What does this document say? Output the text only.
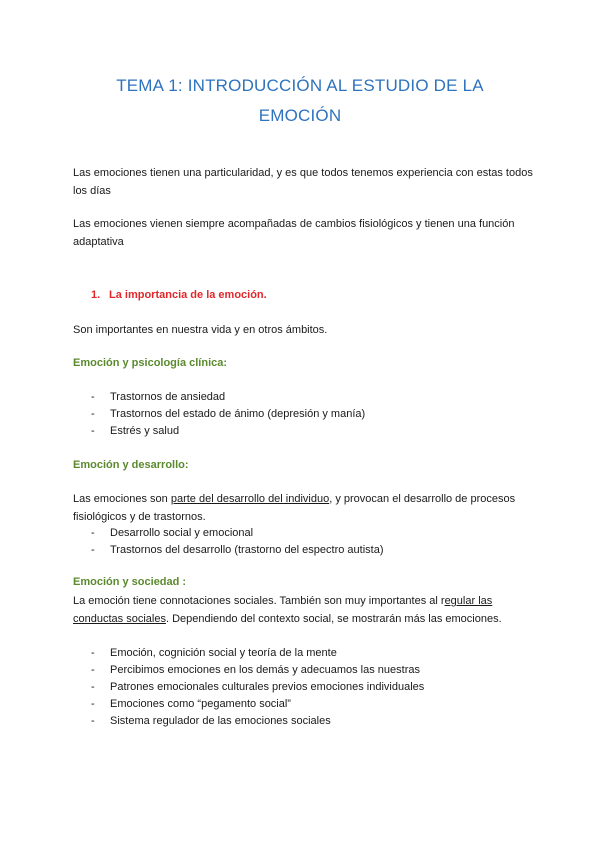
TEMA 1: INTRODUCCIÓN AL ESTUDIO DE LA
EMOCIÓN

Las emociones tienen una particularidad, y es que todos tenemos experiencia con estas todos los días

Las emociones vienen siempre acompañadas de cambios fisiológicos y tienen una función adaptativa

1. La importancia de la emoción.

Son importantes en nuestra vida y en otros ámbitos.

Emoción y psicología clínica:

- Trastornos de ansiedad
- Trastornos del estado de ánimo (depresión y manía)
- Estrés y salud

Emoción y desarrollo:

Las emociones son parte del desarrollo del individuo, y provocan el desarrollo de procesos fisiológicos y de trastornos.

- Desarrollo social y emocional
- Trastornos del desarrollo (trastorno del espectro autista)

Emoción y sociedad :

La emoción tiene connotaciones sociales. También son muy importantes al regular las conductas sociales. Dependiendo del contexto social, se mostrarán más las emociones.

- Emoción, cognición social y teoría de la mente
- Percibimos emociones en los demás y adecuamos las nuestras
- Patrones emocionales culturales previos emociones individuales
- Emociones como “pegamento social”
- Sistema regulador de las emociones sociales
